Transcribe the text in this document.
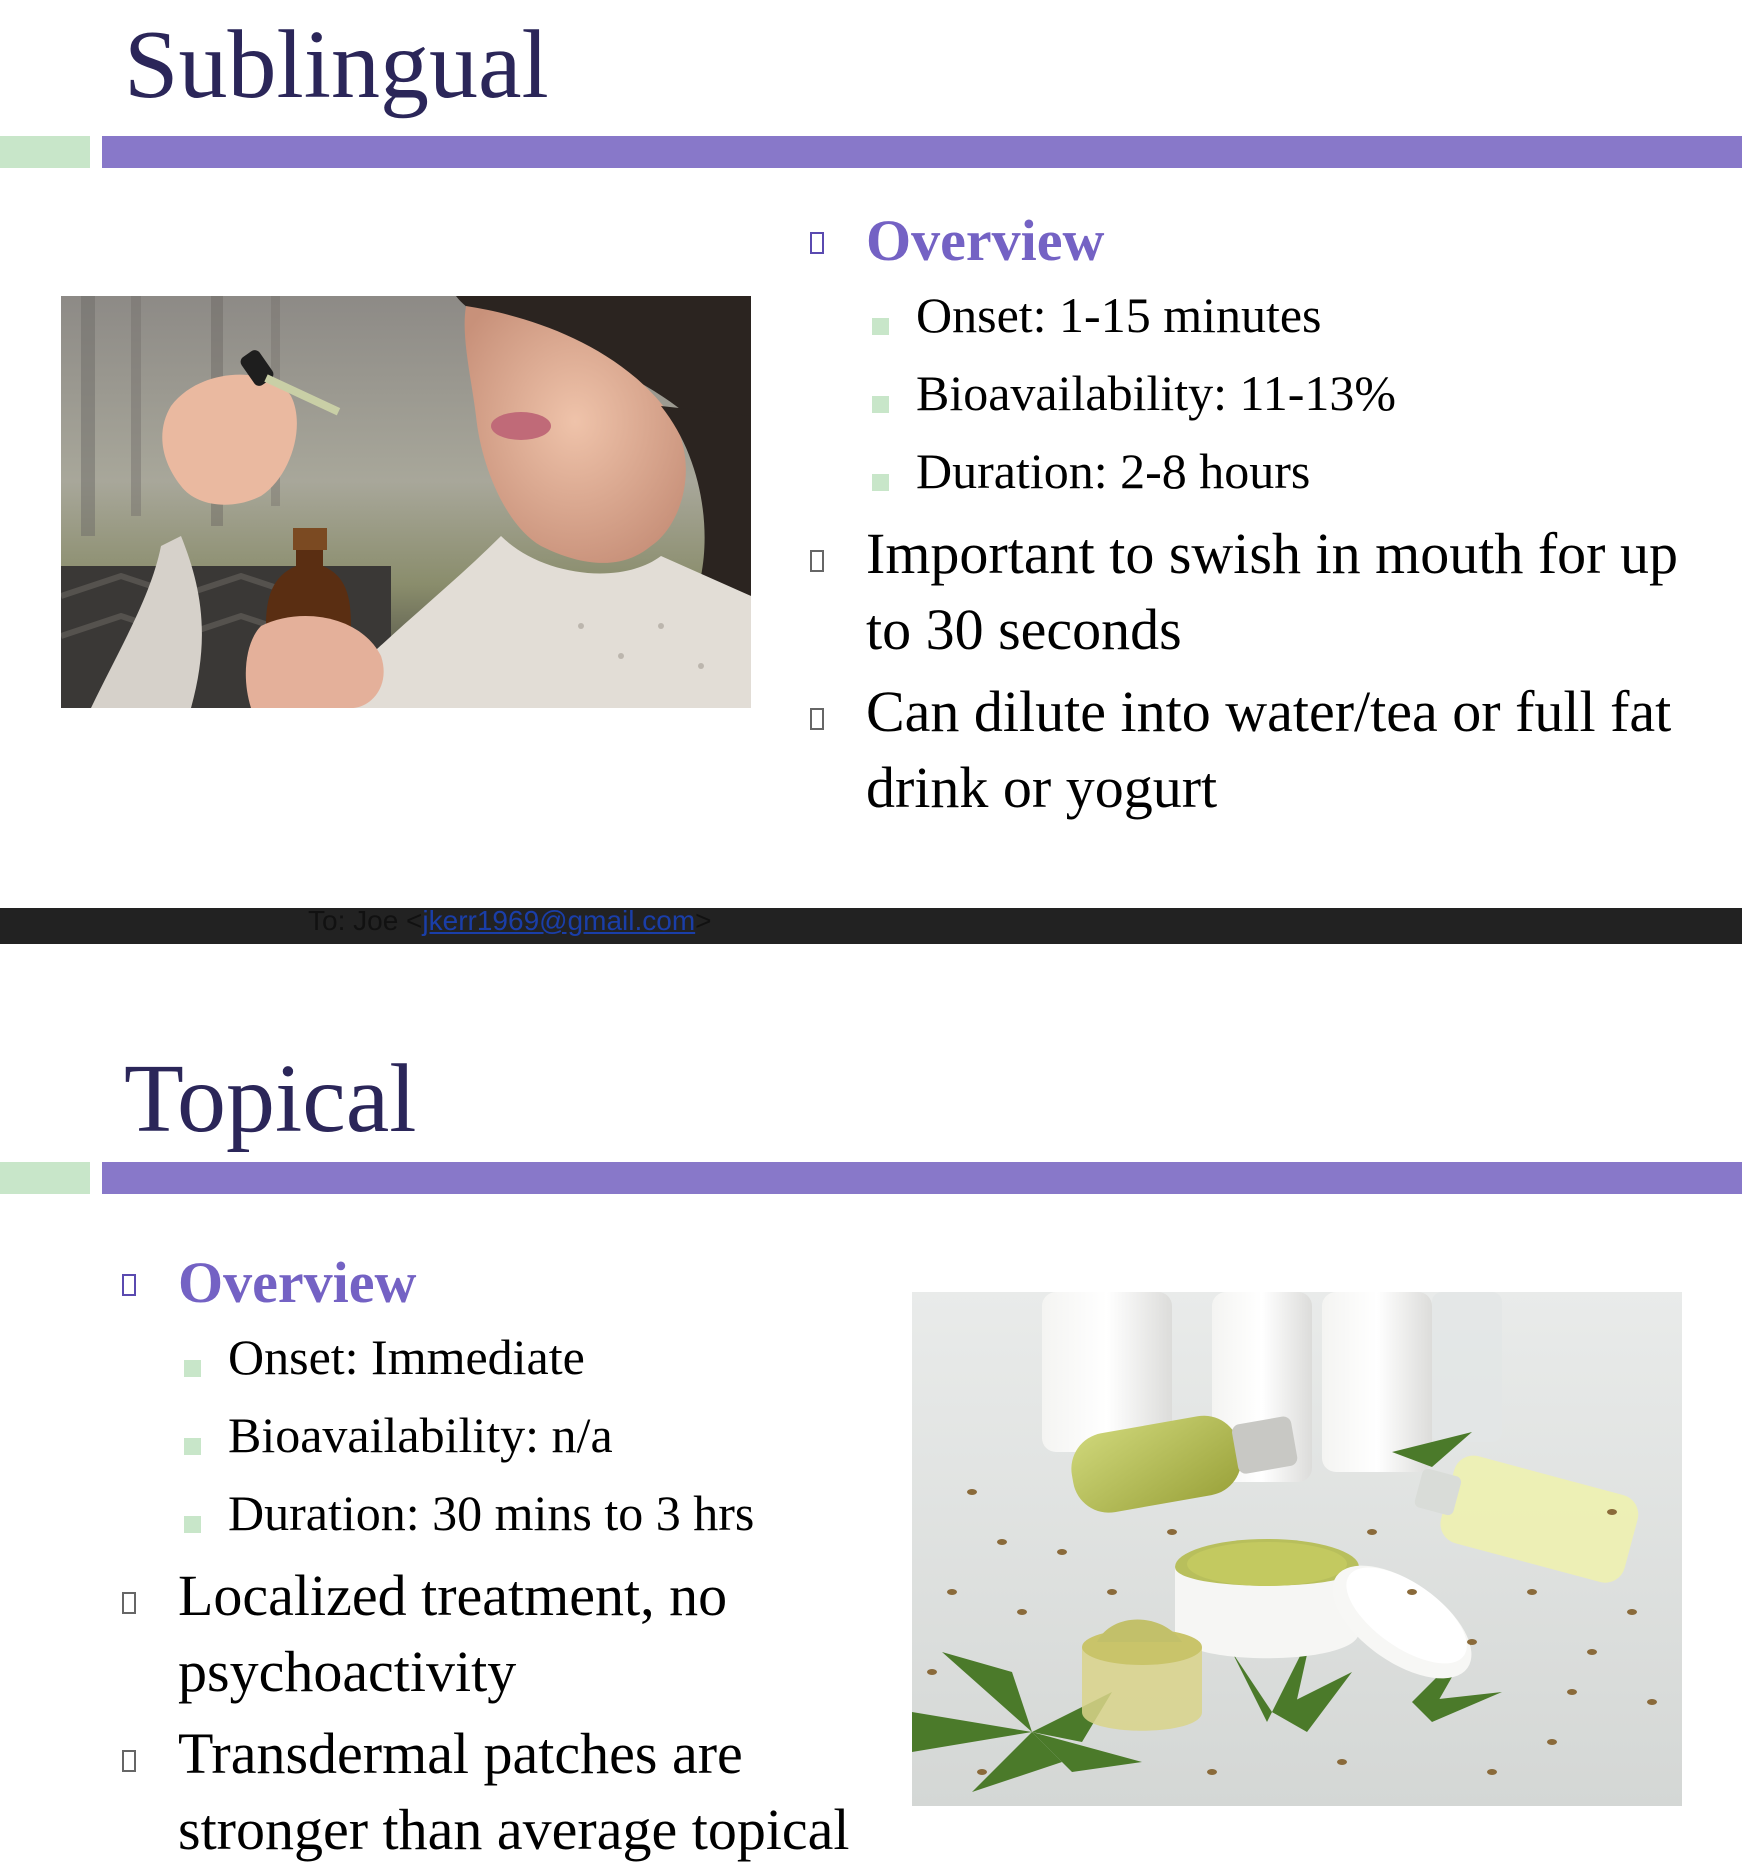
Sublingual

Overview

Onset: 1-15 minutes

Bioavailability: 11-13%

Duration: 2-8 hours

Important to swish in mouth for up to 30 seconds

Can dilute into water/tea or full fat drink or yogurt

To: Joe <jkerr1969@gmail.com>
Topical

Overview

Onset: Immediate

Bioavailability: n/a

Duration: 30 mins to 3 hrs

Localized treatment, no psychoactivity

Transdermal patches are stronger than average topical
